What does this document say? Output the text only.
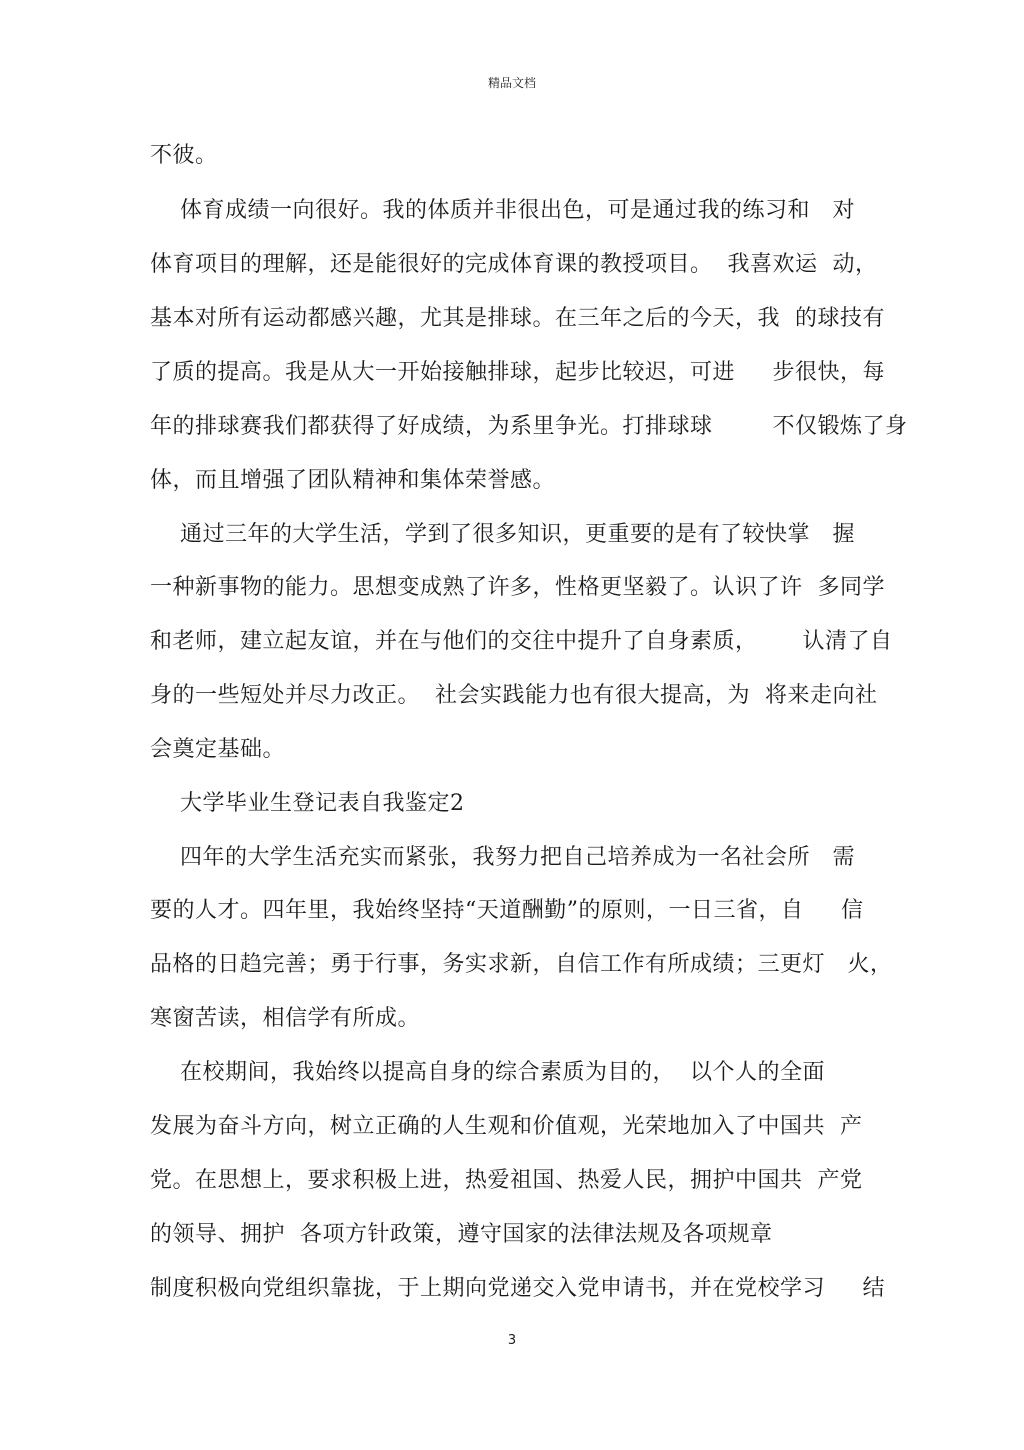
精品文档
不彼。
体育成绩一向很好。我的体质并非很出色，可是通过我的练习和   对
体育项目的理解，还是能很好的完成体育课的教授项目。  我喜欢运  动，
基本对所有运动都感兴趣，尤其是排球。在三年之后的今天，我  的球技有
了质的提高。我是从大一开始接触排球，起步比较迟，可进     步很快，每
年的排球赛我们都获得了好成绩，为系里争光。打排球球        不仅锻炼了身
体，而且增强了团队精神和集体荣誉感。
通过三年的大学生活，学到了很多知识，更重要的是有了较快掌   握
一种新事物的能力。思想变成熟了许多，性格更坚毅了。认识了许  多同学
和老师，建立起友谊，并在与他们的交往中提升了自身素质，      认清了自
身的一些短处并尽力改正。  社会实践能力也有很大提高，为  将来走向社
会奠定基础。
大学毕业生登记表自我鉴定2
四年的大学生活充实而紧张，我努力把自己培养成为一名社会所   需
要的人才。四年里，我始终坚持“天道酬勤”的原则，一日三省，自     信
品格的日趋完善；勇于行事，务实求新，自信工作有所成绩；三更灯   火，
寒窗苦读，相信学有所成。
在校期间，我始终以提高自身的综合素质为目的，  以个人的全面
发展为奋斗方向，树立正确的人生观和价值观，光荣地加入了中国共  产
党。在思想上，要求积极上进，热爱祖国、热爱人民，拥护中国共  产党
的领导、拥护  各项方针政策，遵守国家的法律法规及各项规章
制度积极向党组织靠拢，于上期向党递交入党申请书，并在党校学习     结
3
